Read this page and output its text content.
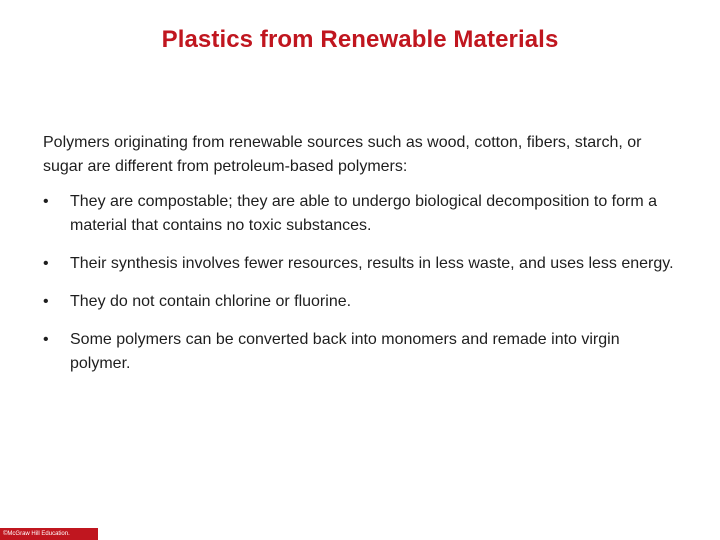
Plastics from Renewable Materials
Polymers originating from renewable sources such as wood, cotton, fibers, starch, or sugar are different from petroleum-based polymers:
•	They are compostable; they are able to undergo biological decomposition to form a material that contains no toxic substances.
•	Their synthesis involves fewer resources, results in less waste, and uses less energy.
•	They do not contain chlorine or fluorine.
•	Some polymers can be converted back into monomers and remade into virgin polymer.
©McGraw Hill Education.
